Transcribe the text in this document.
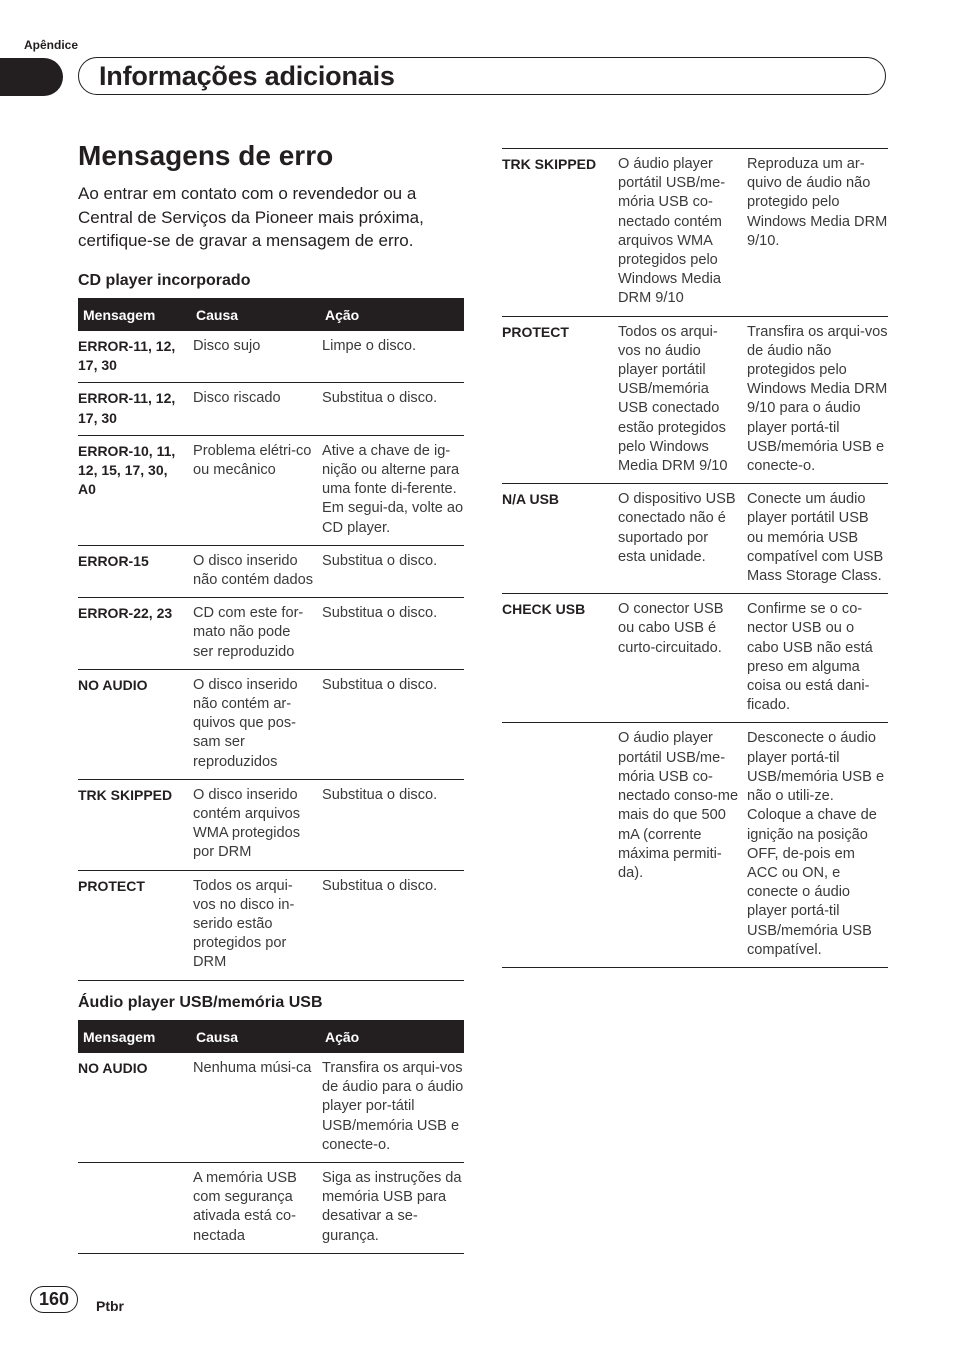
Apêndice
Informações adicionais
Mensagens de erro

Ao entrar em contato com o revendedor ou a Central de Serviços da Pioneer mais próxima, certifique-se de gravar a mensagem de erro.

CD player incorporado
Mensagem	Causa	Ação
ERROR-11, 12, 17, 30	Disco sujo	Limpe o disco.
ERROR-11, 12, 17, 30	Disco riscado	Substitua o disco.
ERROR-10, 11, 12, 15, 17, 30, A0	Problema elétri-co ou mecânico	Ative a chave de ig-nição ou alterne para uma fonte di-ferente. Em segui-da, volte ao CD player.
ERROR-15	O disco inserido não contém dados	Substitua o disco.
ERROR-22, 23	CD com este for-mato não pode ser reproduzido	Substitua o disco.
NO AUDIO	O disco inserido não contém ar-quivos que pos-sam ser reproduzidos	Substitua o disco.
TRK SKIPPED	O disco inserido contém arquivos WMA protegidos por DRM	Substitua o disco.
PROTECT	Todos os arqui-vos no disco in-serido estão protegidos por DRM	Substitua o disco.
Áudio player USB/memória USB
Mensagem	Causa	Ação
NO AUDIO	Nenhuma músi-ca	Transfira os arqui-vos de áudio para o áudio player por-tátil USB/memória USB e conecte-o.
	A memória USB com segurança ativada está co-nectada	Siga as instruções da memória USB para desativar a se-gurança.
TRK SKIPPED	O áudio player portátil USB/me-mória USB co-nectado contém arquivos WMA protegidos pelo Windows Media DRM 9/10	Reproduza um ar-quivo de áudio não protegido pelo Windows Media DRM 9/10.
PROTECT	Todos os arqui-vos no áudio player portátil USB/memória USB conectado estão protegidos pelo Windows Media DRM 9/10	Transfira os arqui-vos de áudio não protegidos pelo Windows Media DRM 9/10 para o áudio player portá-til USB/memória USB e conecte-o.
N/A USB	O dispositivo USB conectado não é suportado por esta unidade.	Conecte um áudio player portátil USB ou memória USB compatível com USB Mass Storage Class.
CHECK USB	O conector USB ou cabo USB é curto-circuitado.	Confirme se o co-nector USB ou o cabo USB não está preso em alguma coisa ou está dani-ficado.
	O áudio player portátil USB/me-mória USB co-nectado conso-me mais do que 500 mA (corrente máxima permiti-da).	Desconecte o áudio player portá-til USB/memória USB e não o utili-ze. Coloque a chave de ignição na posição OFF, de-pois em ACC ou ON, e conecte o áudio player portá-til USB/memória USB compatível.
160	Ptbr
